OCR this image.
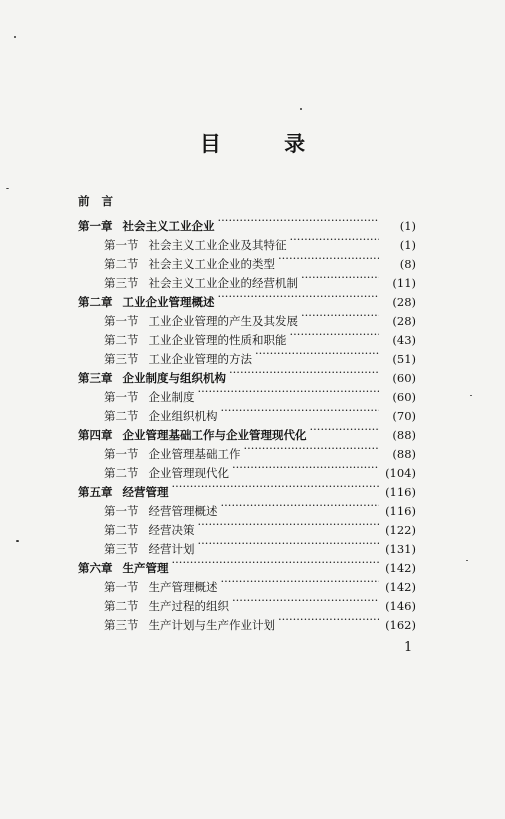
目 录
前 言
第一章 社会主义工业企业 ·····	(1)
第一节 社会主义工业企业及其特征 ·····	(1)
第二节 社会主义工业企业的类型 ·····	(8)
第三节 社会主义工业企业的经营机制 ·····	(11)
第二章 工业企业管理概述 ·····	(28)
第一节 工业企业管理的产生及其发展 ·····	(28)
第二节 工业企业管理的性质和职能 ·····	(43)
第三节 工业企业管理的方法 ·····	(51)
第三章 企业制度与组织机构 ·····	(60)
第一节 企业制度 ·····	(60)
第二节 企业组织机构 ·····	(70)
第四章 企业管理基础工作与企业管理现代化 ·····	(88)
第一节 企业管理基础工作 ·····	(88)
第二节 企业管理现代化 ·····	(104)
第五章 经营管理 ·····	(116)
第一节 经营管理概述 ·····	(116)
第二节 经营决策 ·····	(122)
第三节 经营计划 ·····	(131)
第六章 生产管理 ·····	(142)
第一节 生产管理概述 ·····	(142)
第二节 生产过程的组织 ·····	(146)
第三节 生产计划与生产作业计划 ·····	(162)
1
